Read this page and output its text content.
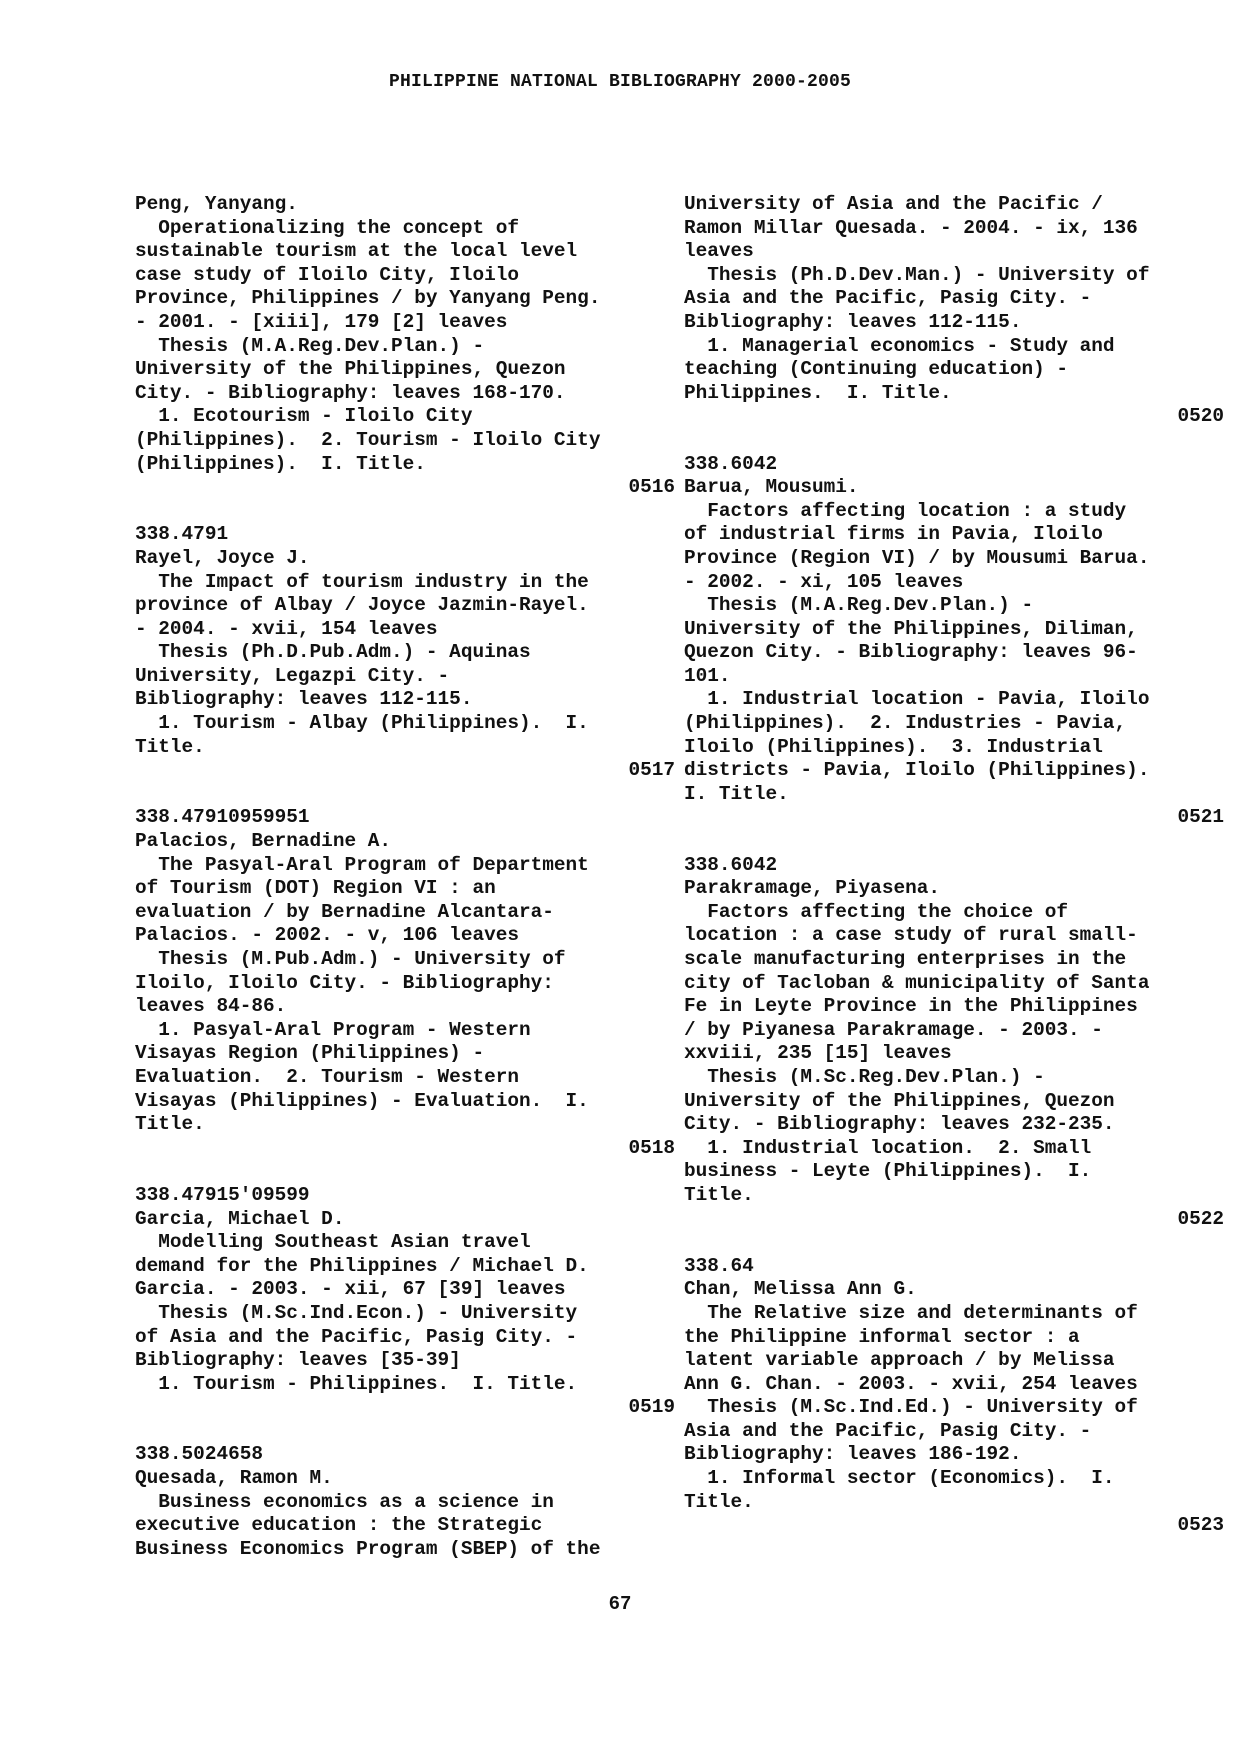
PHILIPPINE NATIONAL BIBLIOGRAPHY 2000-2005
Peng, Yanyang.
Operationalizing the concept of
sustainable tourism at the local level
case study of Iloilo City, Iloilo
Province, Philippines / by Yanyang Peng.
- 2001. - [xiii], 179 [2] leaves
Thesis (M.A.Reg.Dev.Plan.) -
University of the Philippines, Quezon
City. - Bibliography: leaves 168-170.
1. Ecotourism - Iloilo City
(Philippines).  2. Tourism - Iloilo City
(Philippines).  I. Title.
0516
338.4791
Rayel, Joyce J.
The Impact of tourism industry in the
province of Albay / Joyce Jazmin-Rayel.
- 2004. - xvii, 154 leaves
Thesis (Ph.D.Pub.Adm.) - Aquinas
University, Legazpi City. -
Bibliography: leaves 112-115.
1. Tourism - Albay (Philippines).  I.
Title.
0517
338.47910959951
Palacios, Bernadine A.
The Pasyal-Aral Program of Department
of Tourism (DOT) Region VI : an
evaluation / by Bernadine Alcantara-
Palacios. - 2002. - v, 106 leaves
Thesis (M.Pub.Adm.) - University of
Iloilo, Iloilo City. - Bibliography:
leaves 84-86.
1. Pasyal-Aral Program - Western
Visayas Region (Philippines) -
Evaluation.  2. Tourism - Western
Visayas (Philippines) - Evaluation.  I.
Title.
0518
338.47915'09599
Garcia, Michael D.
Modelling Southeast Asian travel
demand for the Philippines / Michael D.
Garcia. - 2003. - xii, 67 [39] leaves
Thesis (M.Sc.Ind.Econ.) - University
of Asia and the Pacific, Pasig City. -
Bibliography: leaves [35-39]
1. Tourism - Philippines.  I. Title.
0519
338.5024658
Quesada, Ramon M.
Business economics as a science in
executive education : the Strategic
Business Economics Program (SBEP) of the
University of Asia and the Pacific /
Ramon Millar Quesada. - 2004. - ix, 136
leaves
Thesis (Ph.D.Dev.Man.) - University of
Asia and the Pacific, Pasig City. -
Bibliography: leaves 112-115.
1. Managerial economics - Study and
teaching (Continuing education) -
Philippines.  I. Title.
0520
338.6042
Barua, Mousumi.
Factors affecting location : a study
of industrial firms in Pavia, Iloilo
Province (Region VI) / by Mousumi Barua.
- 2002. - xi, 105 leaves
Thesis (M.A.Reg.Dev.Plan.) -
University of the Philippines, Diliman,
Quezon City. - Bibliography: leaves 96-
101.
1. Industrial location - Pavia, Iloilo
(Philippines).  2. Industries - Pavia,
Iloilo (Philippines).  3. Industrial
districts - Pavia, Iloilo (Philippines).
I. Title.
0521
338.6042
Parakramage, Piyasena.
Factors affecting the choice of
location : a case study of rural small-
scale manufacturing enterprises in the
city of Tacloban & municipality of Santa
Fe in Leyte Province in the Philippines
/ by Piyanesa Parakramage. - 2003. -
xxviii, 235 [15] leaves
Thesis (M.Sc.Reg.Dev.Plan.) -
University of the Philippines, Quezon
City. - Bibliography: leaves 232-235.
1. Industrial location.  2. Small
business - Leyte (Philippines).  I.
Title.
0522
338.64
Chan, Melissa Ann G.
The Relative size and determinants of
the Philippine informal sector : a
latent variable approach / by Melissa
Ann G. Chan. - 2003. - xvii, 254 leaves
Thesis (M.Sc.Ind.Ed.) - University of
Asia and the Pacific, Pasig City. -
Bibliography: leaves 186-192.
1. Informal sector (Economics).  I.
Title.
0523
67
